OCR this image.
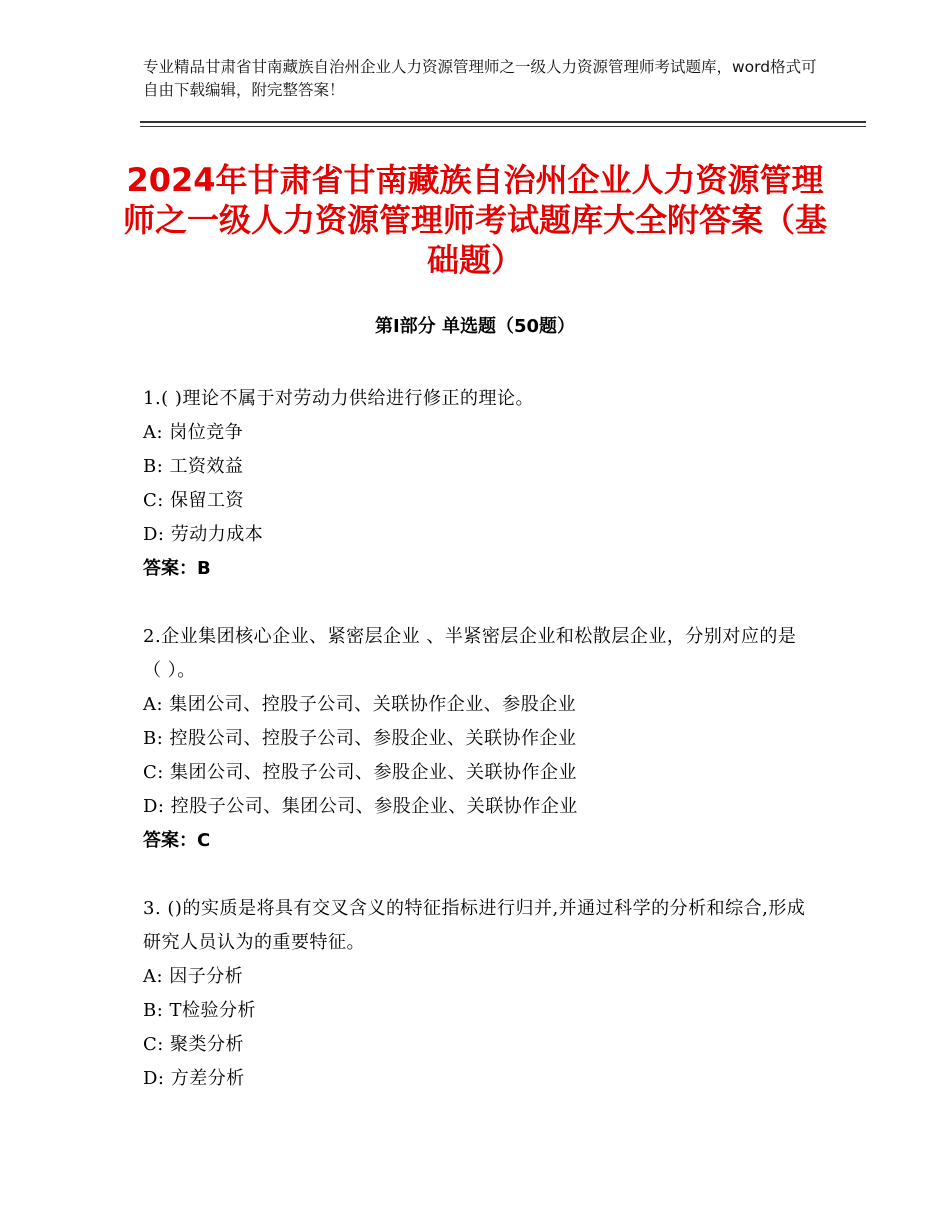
专业精品甘肃省甘南藏族自治州企业人力资源管理师之一级人力资源管理师考试题库，word格式可自由下载编辑，附完整答案！
2024年甘肃省甘南藏族自治州企业人力资源管理师之一级人力资源管理师考试题库大全附答案（基础题）
第Ⅰ部分 单选题（50题）
1.( )理论不属于对劳动力供给进行修正的理论。
A: 岗位竞争
B: 工资效益
C: 保留工资
D: 劳动力成本
答案：B
2.企业集团核心企业、紧密层企业 、半紧密层企业和松散层企业，分别对应的是（ ）。
A: 集团公司、控股子公司、关联协作企业、参股企业
B: 控股公司、控股子公司、参股企业、关联协作企业
C: 集团公司、控股子公司、参股企业、关联协作企业
D: 控股子公司、集团公司、参股企业、关联协作企业
答案：C
3. ()的实质是将具有交叉含义的特征指标进行归并,并通过科学的分析和综合,形成研究人员认为的重要特征。
A: 因子分析
B: T检验分析
C: 聚类分析
D: 方差分析
